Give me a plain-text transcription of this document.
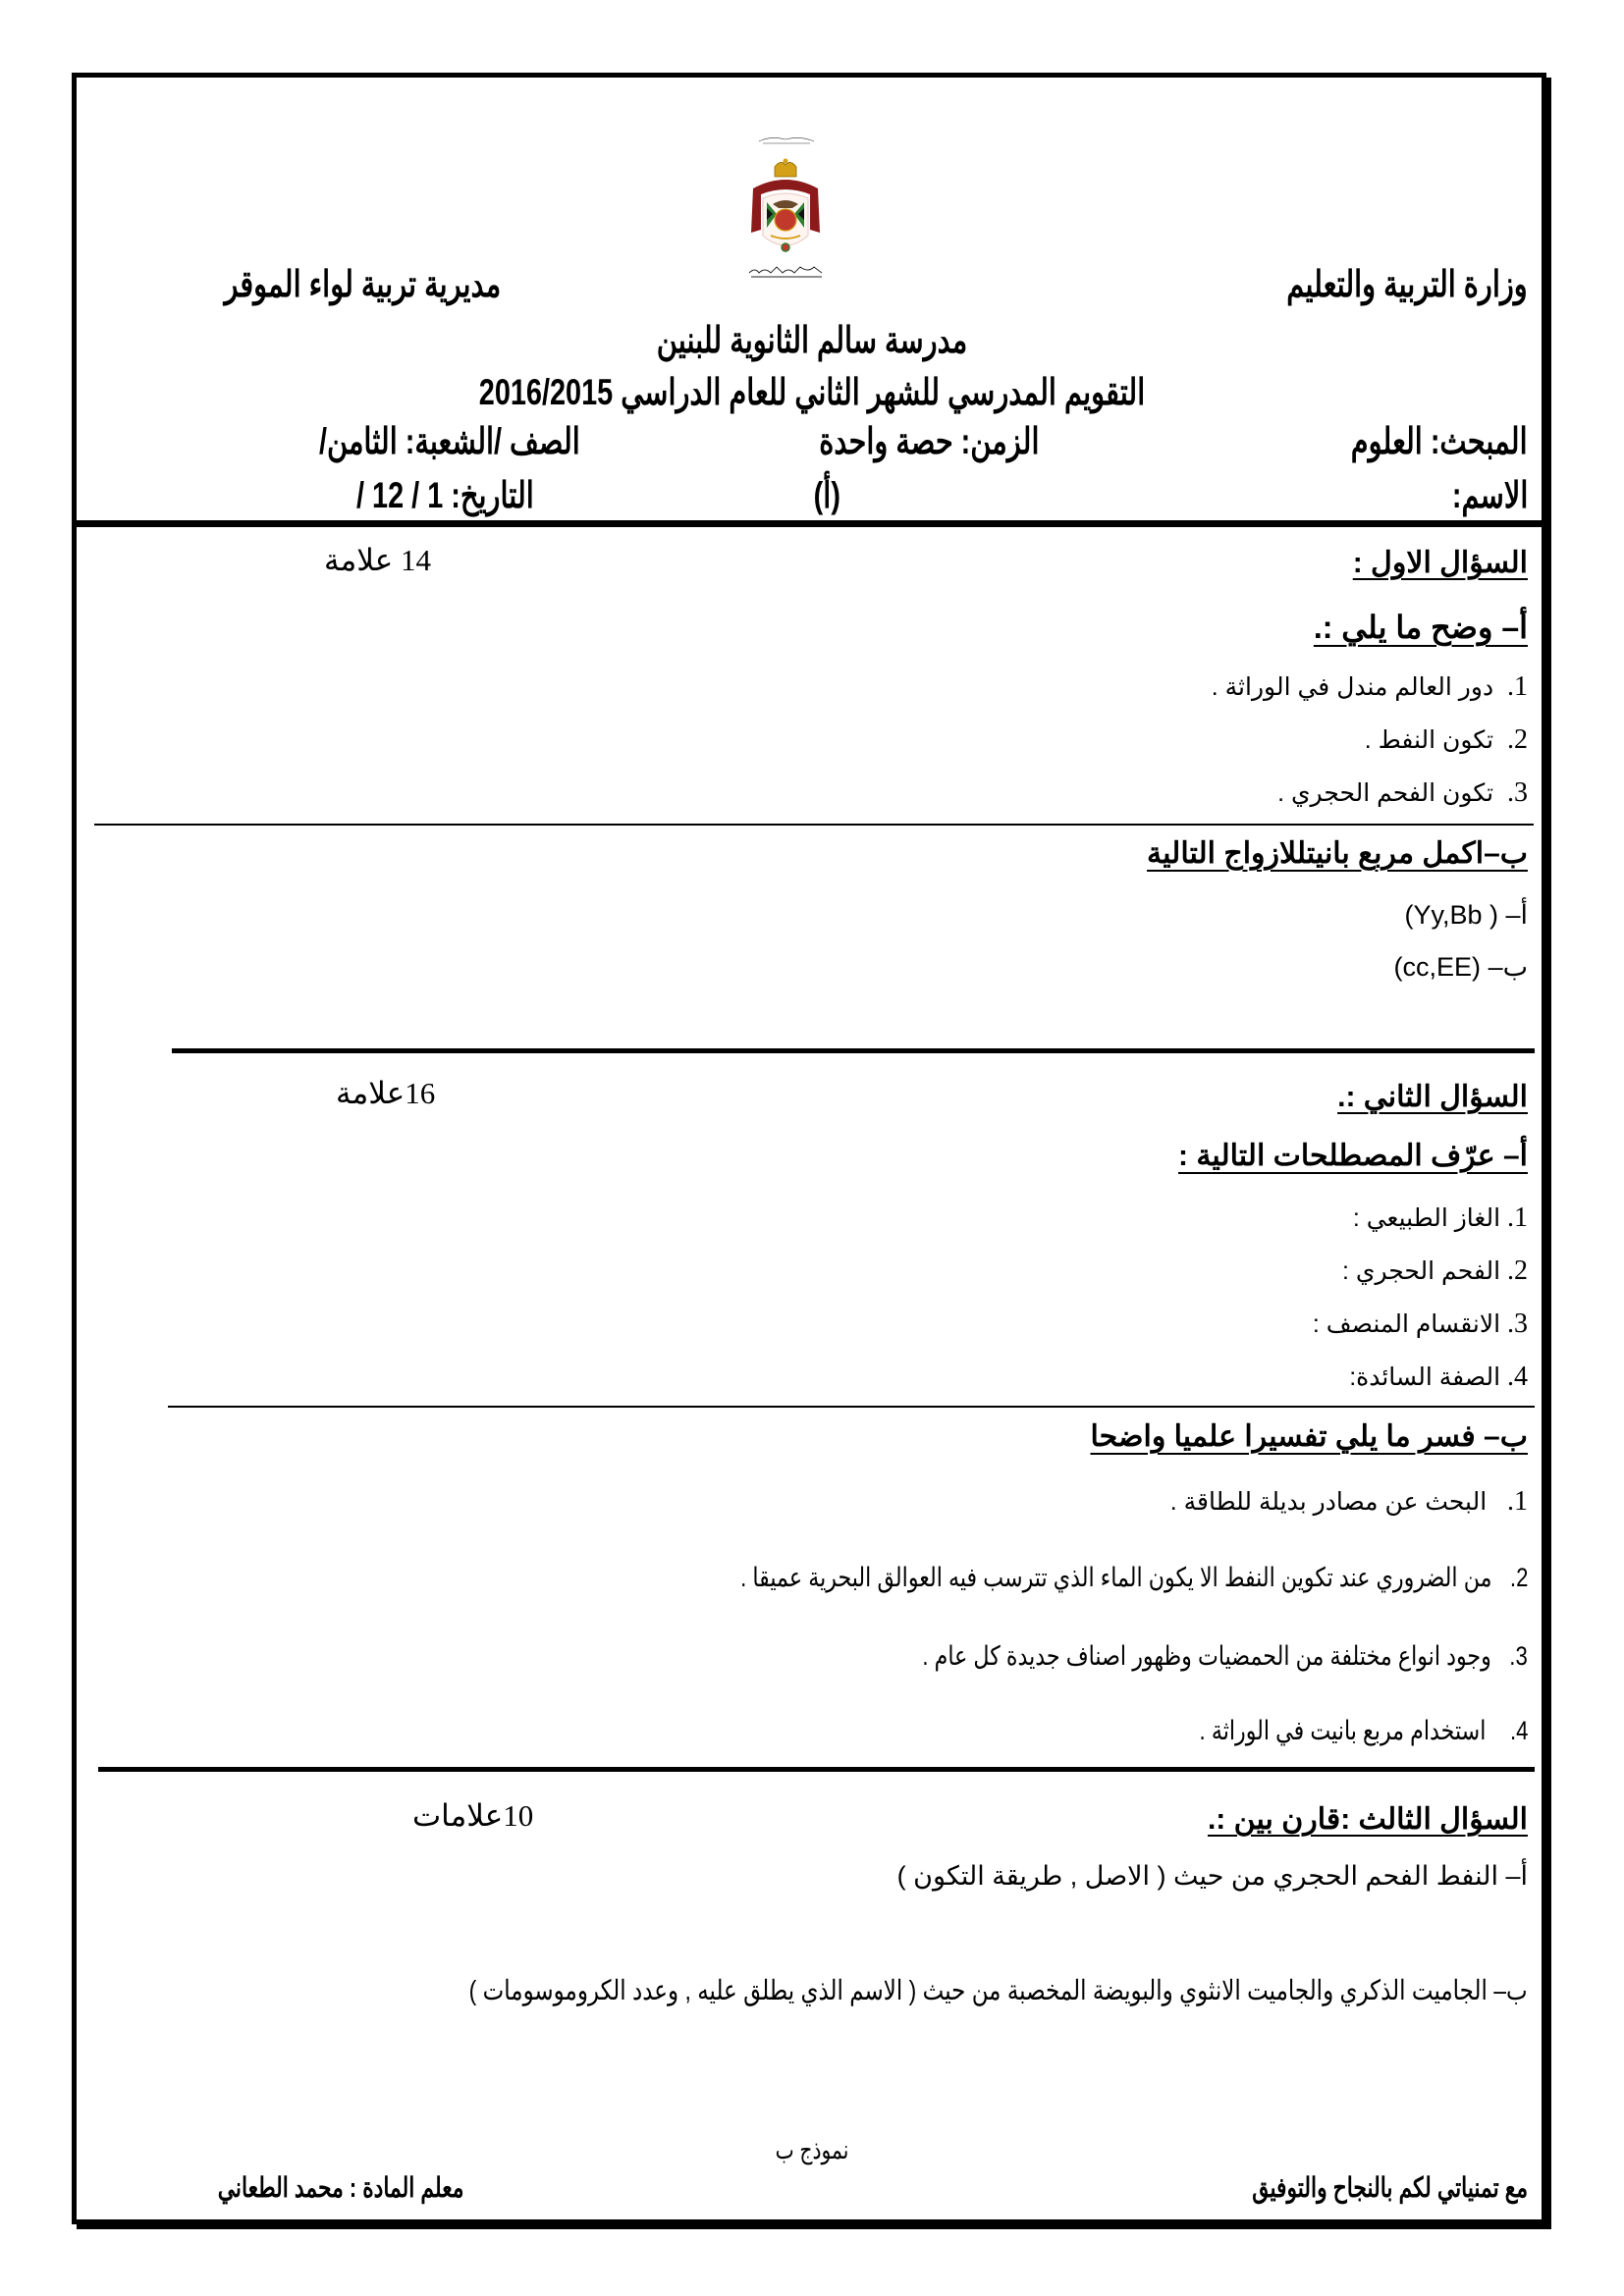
وزارة التربية والتعليم
مديرية تربية لواء الموقر
مدرسة سالم الثانوية للبنين
التقويم المدرسي للشهر الثاني للعام الدراسي 2016/2015
المبحث: العلوم
الزمن: حصة واحدة
الصف /الشعبة: الثامن/
الاسم:
(أ)
التاريخ: 1 / 12 /
السؤال الاول :
14 علامة
أ– وضح ما يلي :.
1.  دور العالم مندل في الوراثة .
2.  تكون النفط .
3.  تكون الفحم الحجري .
ب–اكمل مربع بانيتللازواج التالية
أ– (Yy,Bb )
ب– (cc,EE)
السؤال الثاني :.
16علامة
أ– عرّف المصطلحات التالية :
1. الغاز الطبيعي :
2. الفحم الحجري :
3. الانقسام المنصف :
4. الصفة السائدة:
ب– فسر ما يلي تفسيرا علميا واضحا
1.   البحث عن مصادر بديلة للطاقة .
2.   من الضروري عند تكوين النفط الا يكون الماء الذي تترسب فيه العوالق البحرية عميقا .
3.   وجود انواع مختلفة من الحمضيات وظهور اصناف جديدة كل عام .
4.    استخدام مربع بانيت في الوراثة .
السؤال الثالث :قارن بين :.
10علامات
أ– النفط الفحم الحجري من حيث ( الاصل , طريقة التكون )
ب– الجاميت الذكري والجاميت الانثوي والبويضة المخصبة من حيث ( الاسم الذي يطلق عليه , وعدد الكروموسومات )
نموذج ب
مع تمنياتي لكم بالنجاح والتوفيق
معلم المادة : محمد الطعاني
